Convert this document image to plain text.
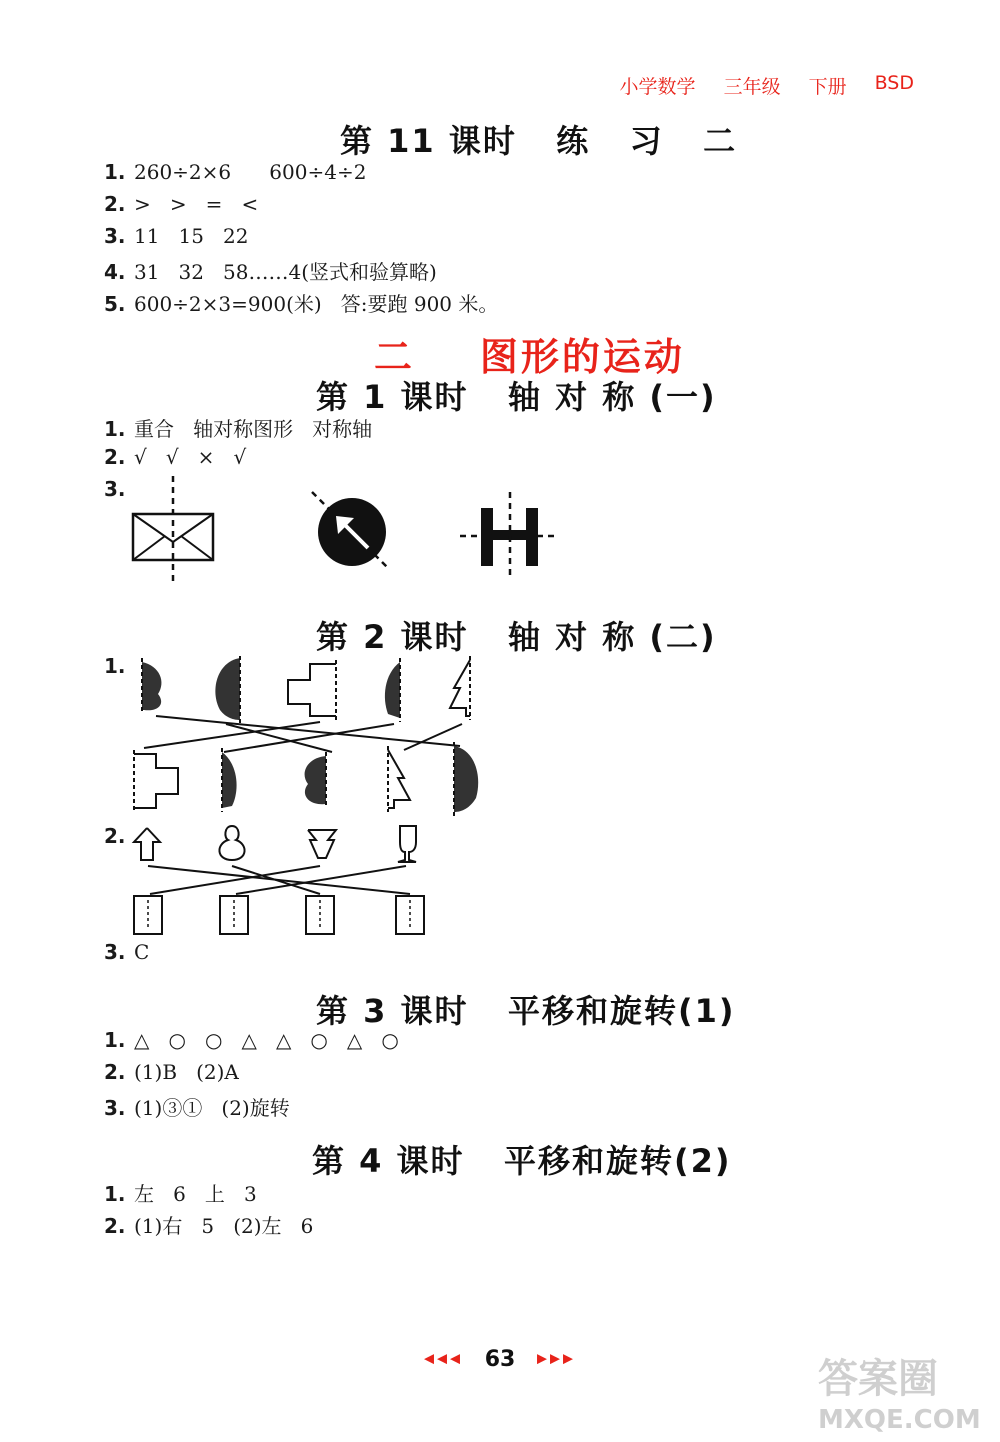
小学数学 三年级 下册 BSD
第 11 课时   练   习   二
1. 260÷2×6      600÷4÷2
2. >   >   =   <
3. 11   15   22
4. 31   32   58……4(竖式和验算略)
5. 600÷2×3=900(米)   答:要跑 900 米。
二    图形的运动
第 1 课时   轴 对 称 (一)
1. 重合   轴对称图形   对称轴
2. √   √   ×   √
3.
第 2 课时   轴 对 称 (二)
1.
2.
3. C
第 3 课时   平移和旋转(1)
1. △   ○   ○   △   △   ○   △   ○
2. (1)B   (2)A
3. (1)③①   (2)旋转
第 4 课时   平移和旋转(2)
1. 左   6   上   3
2. (1)右   5   (2)左   6
◀◀◀ 63 ▶▶▶	答案圈
MXQE.COM
